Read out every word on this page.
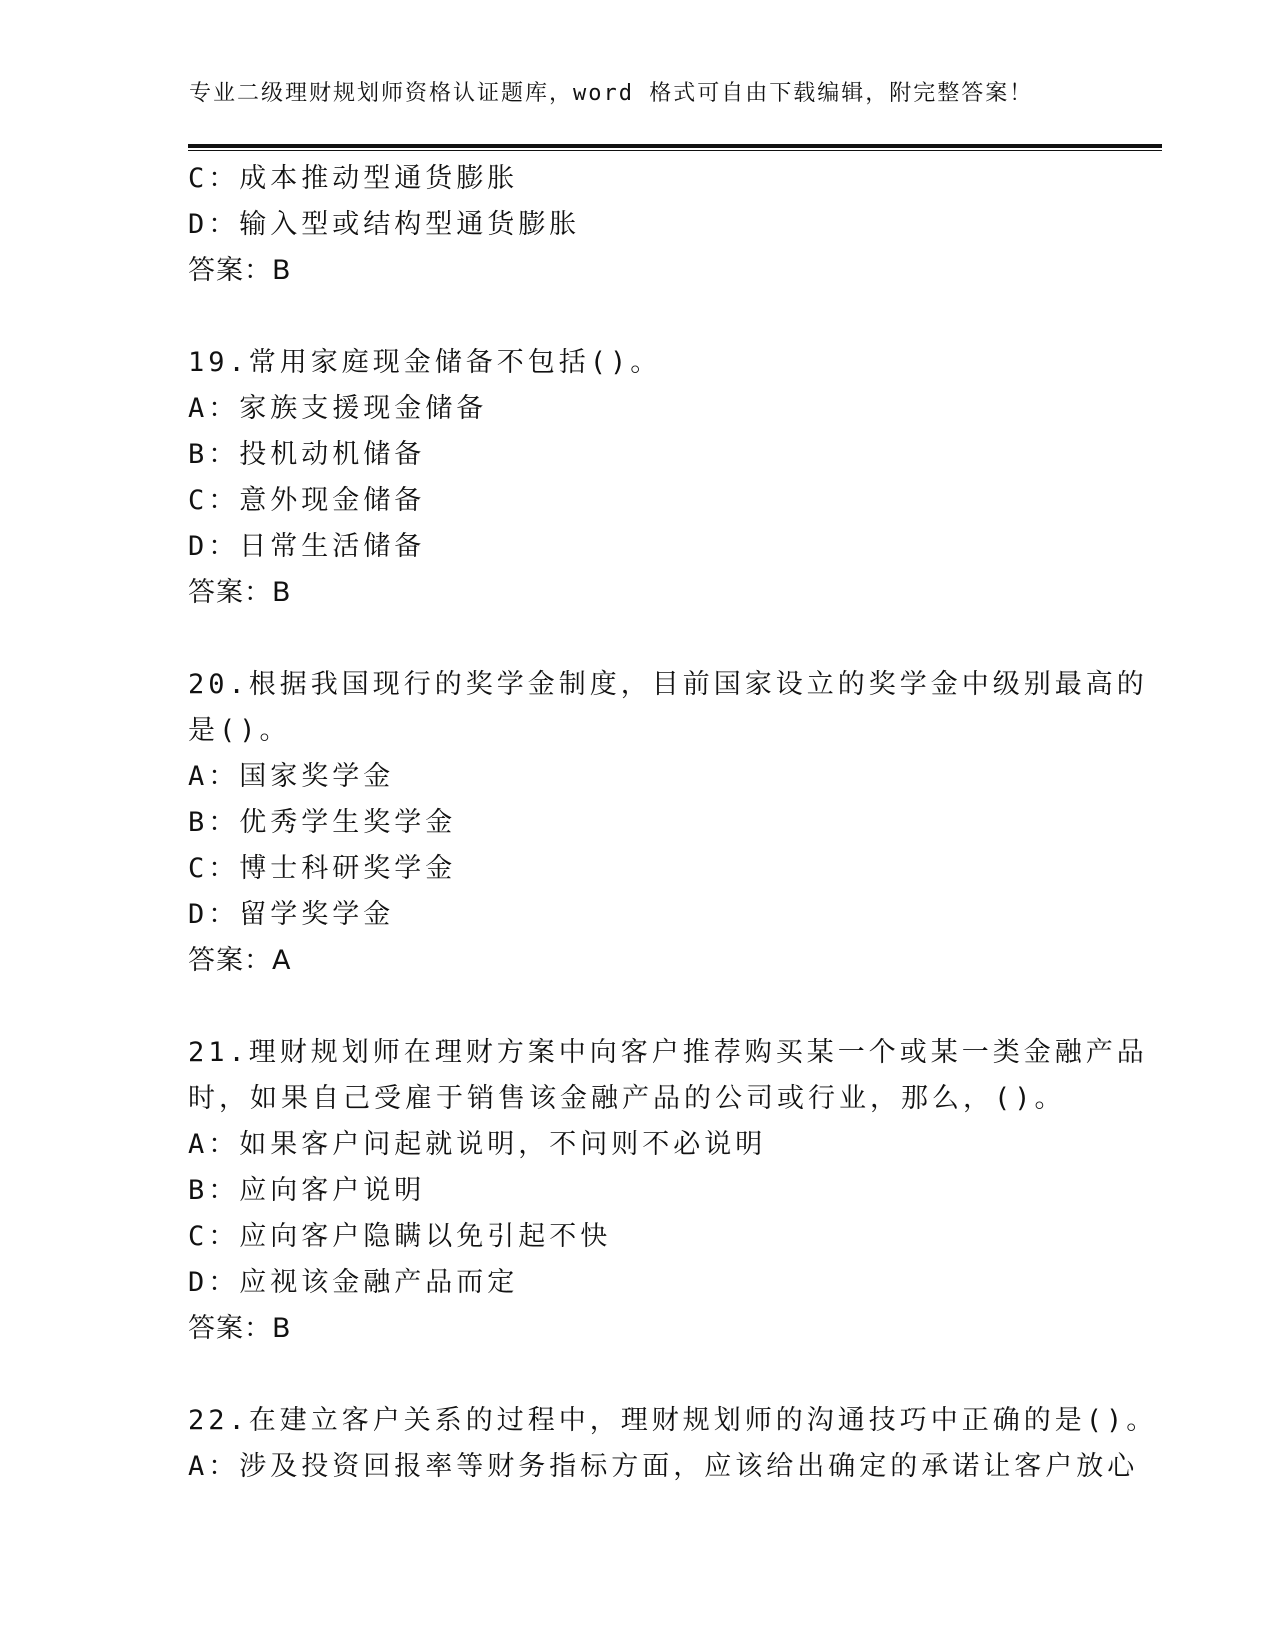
专业二级理财规划师资格认证题库，word 格式可自由下载编辑，附完整答案！
C：成本推动型通货膨胀
D：输入型或结构型通货膨胀
答案：B
19.常用家庭现金储备不包括()。
A：家族支援现金储备
B：投机动机储备
C：意外现金储备
D：日常生活储备
答案：B
20.根据我国现行的奖学金制度，目前国家设立的奖学金中级别最高的
是()。
A：国家奖学金
B：优秀学生奖学金
C：博士科研奖学金
D：留学奖学金
答案：A
21.理财规划师在理财方案中向客户推荐购买某一个或某一类金融产品
时，如果自己受雇于销售该金融产品的公司或行业，那么，()。
A：如果客户问起就说明，不问则不必说明
B：应向客户说明
C：应向客户隐瞒以免引起不快
D：应视该金融产品而定
答案：B
22.在建立客户关系的过程中，理财规划师的沟通技巧中正确的是()。
A：涉及投资回报率等财务指标方面，应该给出确定的承诺让客户放心
